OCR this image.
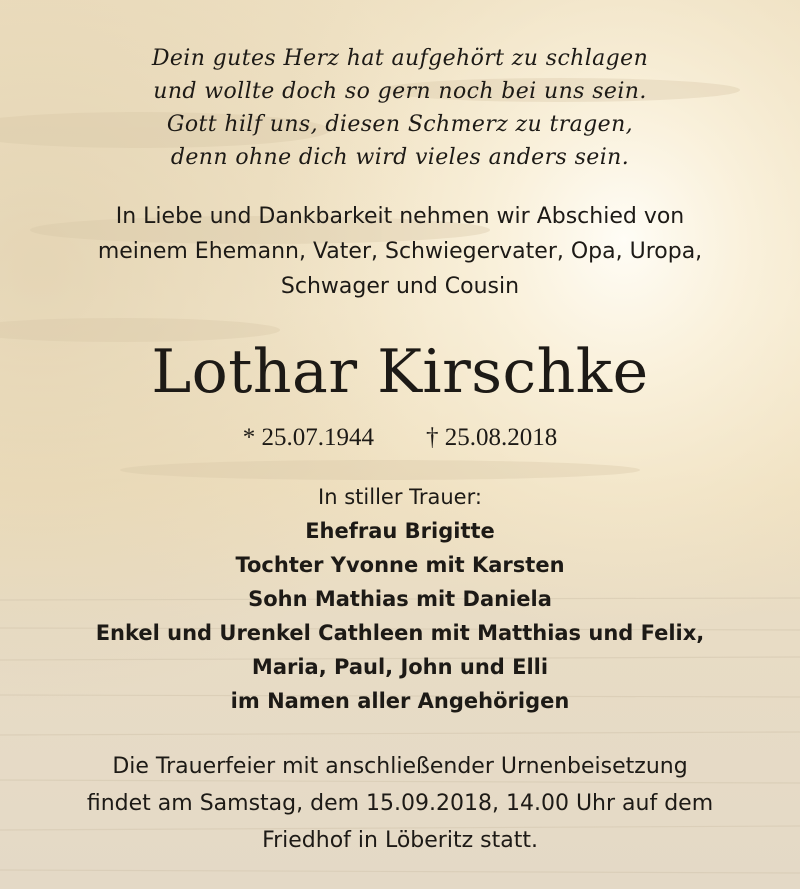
Dein gutes Herz hat aufgehört zu schlagen
und wollte doch so gern noch bei uns sein.
Gott hilf uns, diesen Schmerz zu tragen,
denn ohne dich wird vieles anders sein.
In Liebe und Dankbarkeit nehmen wir Abschied von
meinem Ehemann, Vater, Schwiegervater, Opa, Uropa,
Schwager und Cousin
Lothar Kirschke
* 25.07.1944 † 25.08.2018
In stiller Trauer:
Ehefrau Brigitte
Tochter Yvonne mit Karsten
Sohn Mathias mit Daniela
Enkel und Urenkel Cathleen mit Matthias und Felix,
Maria, Paul, John und Elli
im Namen aller Angehörigen
Die Trauerfeier mit anschließender Urnenbeisetzung
findet am Samstag, dem 15.09.2018, 14.00 Uhr auf dem
Friedhof in Löberitz statt.
